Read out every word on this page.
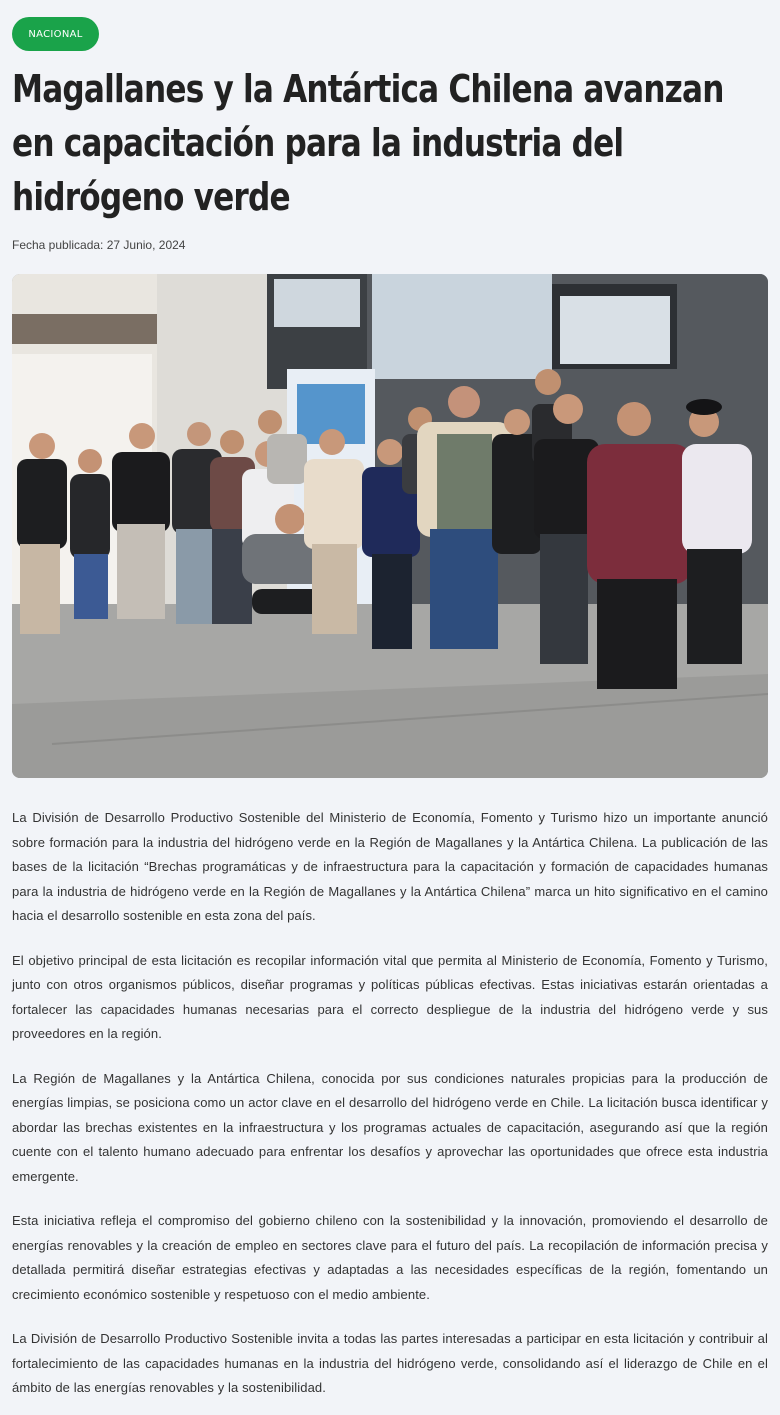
NACIONAL
Magallanes y la Antártica Chilena avanzan en capacitación para la industria del hidrógeno verde
Fecha publicada: 27 Junio, 2024

La División de Desarrollo Productivo Sostenible del Ministerio de Economía, Fomento y Turismo hizo un importante anunció sobre formación para la industria del hidrógeno verde en la Región de Magallanes y la Antártica Chilena. La publicación de las bases de la licitación “Brechas programáticas y de infraestructura para la capacitación y formación de capacidades humanas para la industria de hidrógeno verde en la Región de Magallanes y la Antártica Chilena” marca un hito significativo en el camino hacia el desarrollo sostenible en esta zona del país.

El objetivo principal de esta licitación es recopilar información vital que permita al Ministerio de Economía, Fomento y Turismo, junto con otros organismos públicos, diseñar programas y políticas públicas efectivas. Estas iniciativas estarán orientadas a fortalecer las capacidades humanas necesarias para el correcto despliegue de la industria del hidrógeno verde y sus proveedores en la región.

La Región de Magallanes y la Antártica Chilena, conocida por sus condiciones naturales propicias para la producción de energías limpias, se posiciona como un actor clave en el desarrollo del hidrógeno verde en Chile. La licitación busca identificar y abordar las brechas existentes en la infraestructura y los programas actuales de capacitación, asegurando así que la región cuente con el talento humano adecuado para enfrentar los desafíos y aprovechar las oportunidades que ofrece esta industria emergente.

Esta iniciativa refleja el compromiso del gobierno chileno con la sostenibilidad y la innovación, promoviendo el desarrollo de energías renovables y la creación de empleo en sectores clave para el futuro del país. La recopilación de información precisa y detallada permitirá diseñar estrategias efectivas y adaptadas a las necesidades específicas de la región, fomentando un crecimiento económico sostenible y respetuoso con el medio ambiente.

La División de Desarrollo Productivo Sostenible invita a todas las partes interesadas a participar en esta licitación y contribuir al fortalecimiento de las capacidades humanas en la industria del hidrógeno verde, consolidando así el liderazgo de Chile en el ámbito de las energías renovables y la sostenibilidad.
